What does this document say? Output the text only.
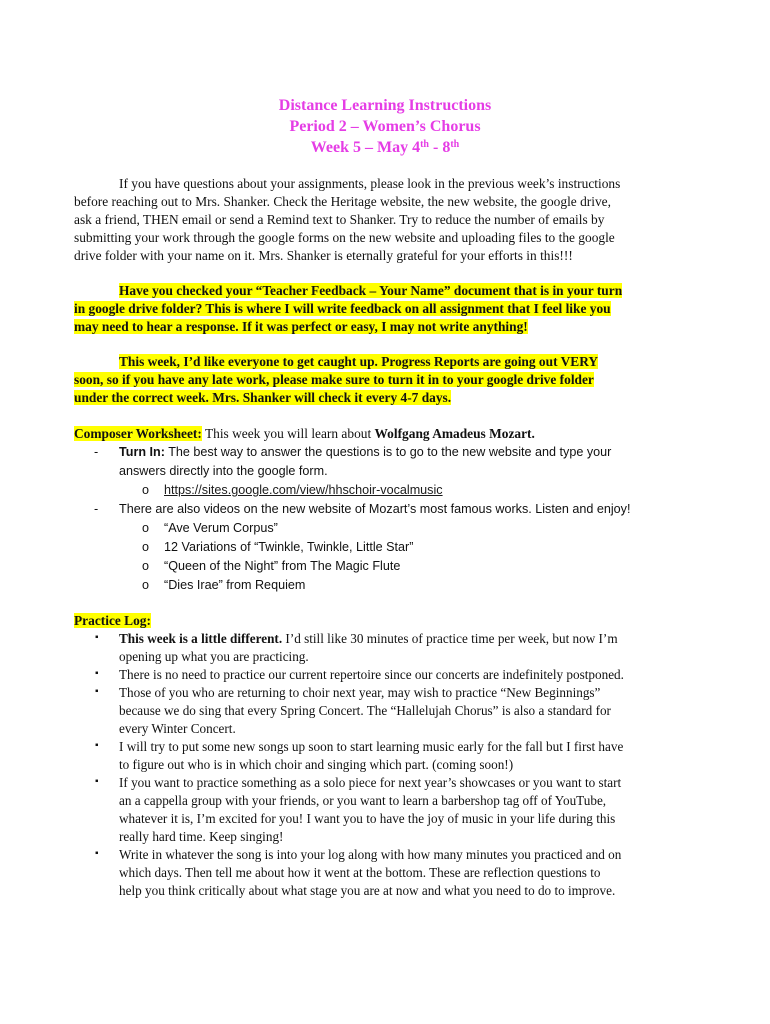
Distance Learning Instructions
Period 2 – Women’s Chorus
Week 5 – May 4th - 8th
If you have questions about your assignments, please look in the previous week’s instructions
before reaching out to Mrs. Shanker. Check the Heritage website, the new website, the google drive,
ask a friend, THEN email or send a Remind text to Shanker. Try to reduce the number of emails by
submitting your work through the google forms on the new website and uploading files to the google
drive folder with your name on it. Mrs. Shanker is eternally grateful for your efforts in this!!!
Have you checked your “Teacher Feedback – Your Name” document that is in your turn
in google drive folder? This is where I will write feedback on all assignment that I feel like you
may need to hear a response. If it was perfect or easy, I may not write anything!
This week, I’d like everyone to get caught up. Progress Reports are going out VERY
soon, so if you have any late work, please make sure to turn it in to your google drive folder
under the correct week. Mrs. Shanker will check it every 4-7 days.
Composer Worksheet: This week you will learn about Wolfgang Amadeus Mozart.
- Turn In: The best way to answer the questions is to go to the new website and type your
answers directly into the google form.
o https://sites.google.com/view/hhschoir-vocalmusic
- There are also videos on the new website of Mozart’s most famous works. Listen and enjoy!
o “Ave Verum Corpus”
o 12 Variations of “Twinkle, Twinkle, Little Star”
o “Queen of the Night” from The Magic Flute
o “Dies Irae” from Requiem
Practice Log:
▪ This week is a little different. I’d still like 30 minutes of practice time per week, but now I’m
opening up what you are practicing.
▪ There is no need to practice our current repertoire since our concerts are indefinitely postponed.
▪ Those of you who are returning to choir next year, may wish to practice “New Beginnings”
because we do sing that every Spring Concert. The “Hallelujah Chorus” is also a standard for
every Winter Concert.
▪ I will try to put some new songs up soon to start learning music early for the fall but I first have
to figure out who is in which choir and singing which part. (coming soon!)
▪ If you want to practice something as a solo piece for next year’s showcases or you want to start
an a cappella group with your friends, or you want to learn a barbershop tag off of YouTube,
whatever it is, I’m excited for you! I want you to have the joy of music in your life during this
really hard time. Keep singing!
▪ Write in whatever the song is into your log along with how many minutes you practiced and on
which days. Then tell me about how it went at the bottom. These are reflection questions to
help you think critically about what stage you are at now and what you need to do to improve.
